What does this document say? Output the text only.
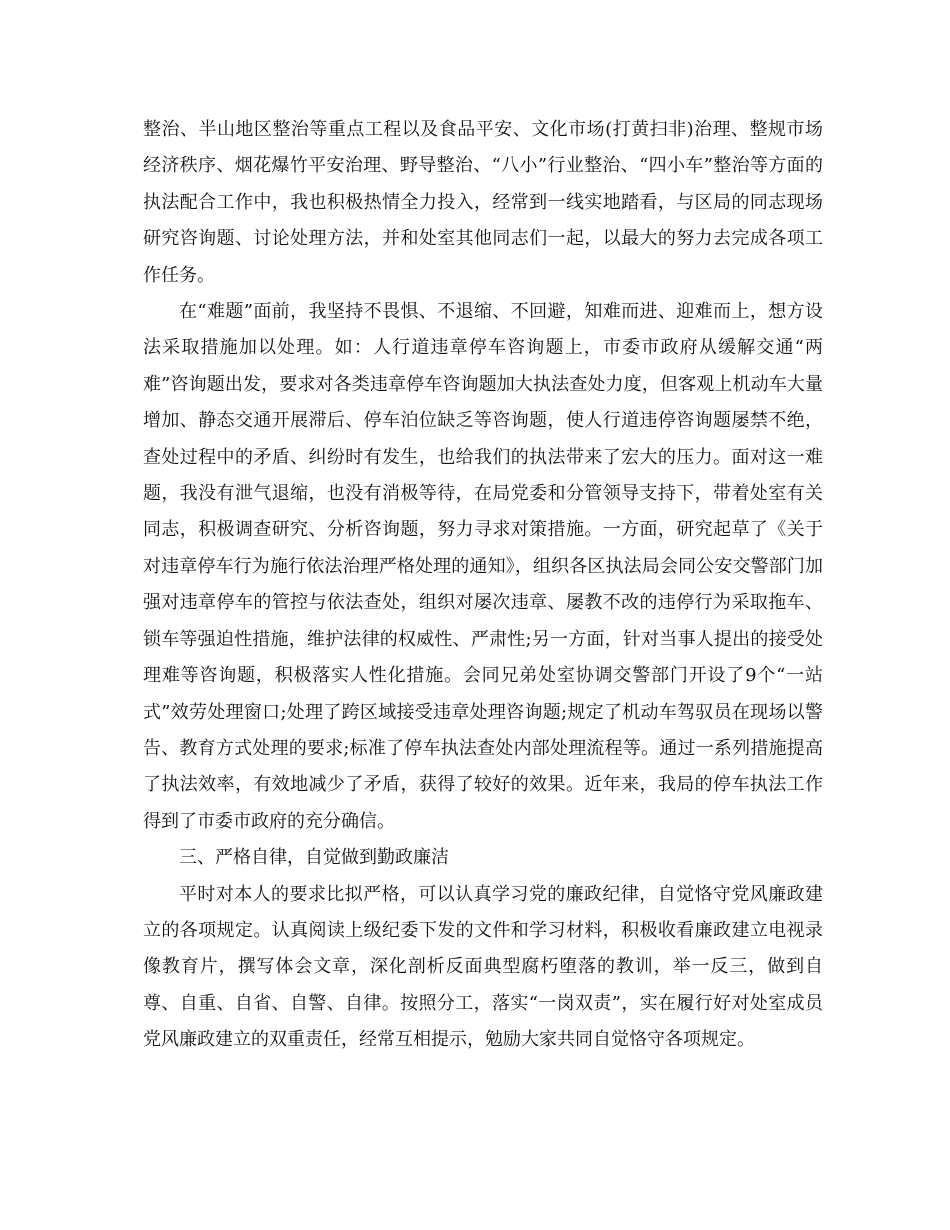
整治、半山地区整治等重点工程以及食品平安、文化市场(打黄扫非)治理、整规市场经济秩序、烟花爆竹平安治理、野导整治、“八小”行业整治、“四小车”整治等方面的执法配合工作中，我也积极热情全力投入，经常到一线实地踏看，与区局的同志现场研究咨询题、讨论处理方法，并和处室其他同志们一起，以最大的努力去完成各项工作任务。

在“难题”面前，我坚持不畏惧、不退缩、不回避，知难而进、迎难而上，想方设法采取措施加以处理。如：人行道违章停车咨询题上，市委市政府从缓解交通“两难”咨询题出发，要求对各类违章停车咨询题加大执法查处力度，但客观上机动车大量增加、静态交通开展滞后、停车泊位缺乏等咨询题，使人行道违停咨询题屡禁不绝，查处过程中的矛盾、纠纷时有发生，也给我们的执法带来了宏大的压力。面对这一难题，我没有泄气退缩，也没有消极等待，在局党委和分管领导支持下，带着处室有关同志，积极调查研究、分析咨询题，努力寻求对策措施。一方面，研究起草了《关于对违章停车行为施行依法治理严格处理的通知》，组织各区执法局会同公安交警部门加强对违章停车的管控与依法查处，组织对屡次违章、屡教不改的违停行为采取拖车、锁车等强迫性措施，维护法律的权威性、严肃性;另一方面，针对当事人提出的接受处理难等咨询题，积极落实人性化措施。会同兄弟处室协调交警部门开设了9个“一站式”效劳处理窗口;处理了跨区域接受违章处理咨询题;规定了机动车驾驭员在现场以警告、教育方式处理的要求;标准了停车执法查处内部处理流程等。通过一系列措施提高了执法效率，有效地减少了矛盾，获得了较好的效果。近年来，我局的停车执法工作得到了市委市政府的充分确信。

三、严格自律，自觉做到勤政廉洁

平时对本人的要求比拟严格，可以认真学习党的廉政纪律，自觉恪守党风廉政建立的各项规定。认真阅读上级纪委下发的文件和学习材料，积极收看廉政建立电视录像教育片，撰写体会文章，深化剖析反面典型腐朽堕落的教训，举一反三，做到自尊、自重、自省、自警、自律。按照分工，落实“一岗双责”，实在履行好对处室成员党风廉政建立的双重责任，经常互相提示，勉励大家共同自觉恪守各项规定。
